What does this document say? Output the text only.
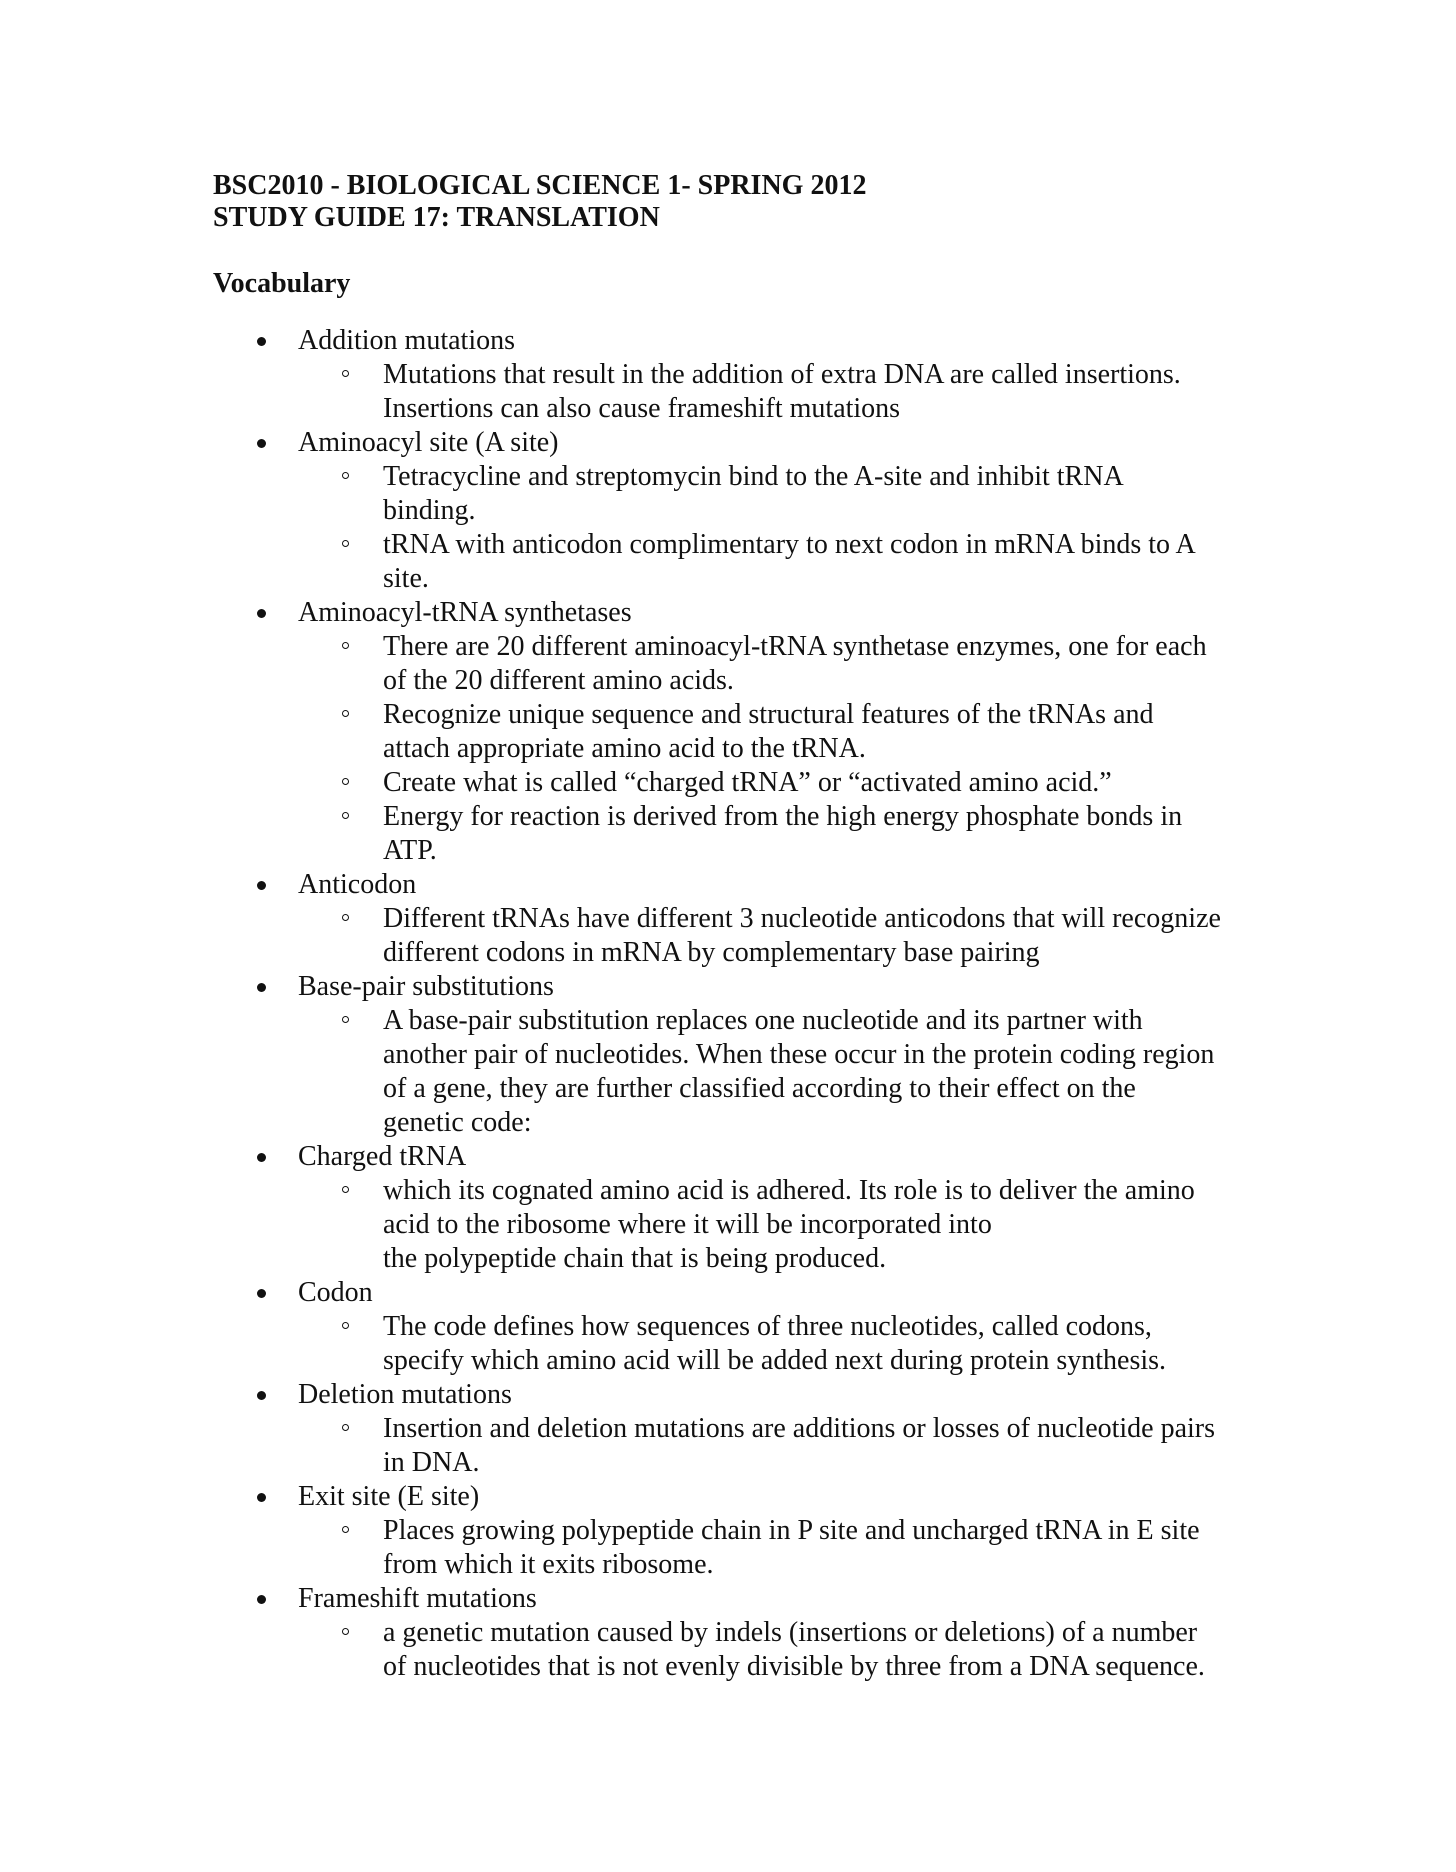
BSC2010 - BIOLOGICAL SCIENCE 1- SPRING 2012

STUDY GUIDE 17: TRANSLATION

Vocabulary
Addition mutations
Mutations that result in the addition of extra DNA are called insertions.
Insertions can also cause frameshift mutations
Aminoacyl site (A site)
Tetracycline and streptomycin bind to the A-site and inhibit tRNA
binding.
tRNA with anticodon complimentary to next codon in mRNA binds to A
site.
Aminoacyl-tRNA synthetases
There are 20 different aminoacyl-tRNA synthetase enzymes, one for each
of the 20 different amino acids.
Recognize unique sequence and structural features of the tRNAs and
attach appropriate amino acid to the tRNA.
Create what is called “charged tRNA” or “activated amino acid.”
Energy for reaction is derived from the high energy phosphate bonds in
ATP.
Anticodon
Different tRNAs have different 3 nucleotide anticodons that will recognize
different codons in mRNA by complementary base pairing
Base-pair substitutions
A base-pair substitution replaces one nucleotide and its partner with
another pair of nucleotides. When these occur in the protein coding region
of a gene, they are further classified according to their effect on the
genetic code:
Charged tRNA
which its cognated amino acid is adhered. Its role is to deliver the amino
acid to the ribosome where it will be incorporated into
the polypeptide chain that is being produced.
Codon
The code defines how sequences of three nucleotides, called codons,
specify which amino acid will be added next during protein synthesis.
Deletion mutations
Insertion and deletion mutations are additions or losses of nucleotide pairs
in DNA.
Exit site (E site)
Places growing polypeptide chain in P site and uncharged tRNA in E site
from which it exits ribosome.
Frameshift mutations
a genetic mutation caused by indels (insertions or deletions) of a number
of nucleotides that is not evenly divisible by three from a DNA sequence.
